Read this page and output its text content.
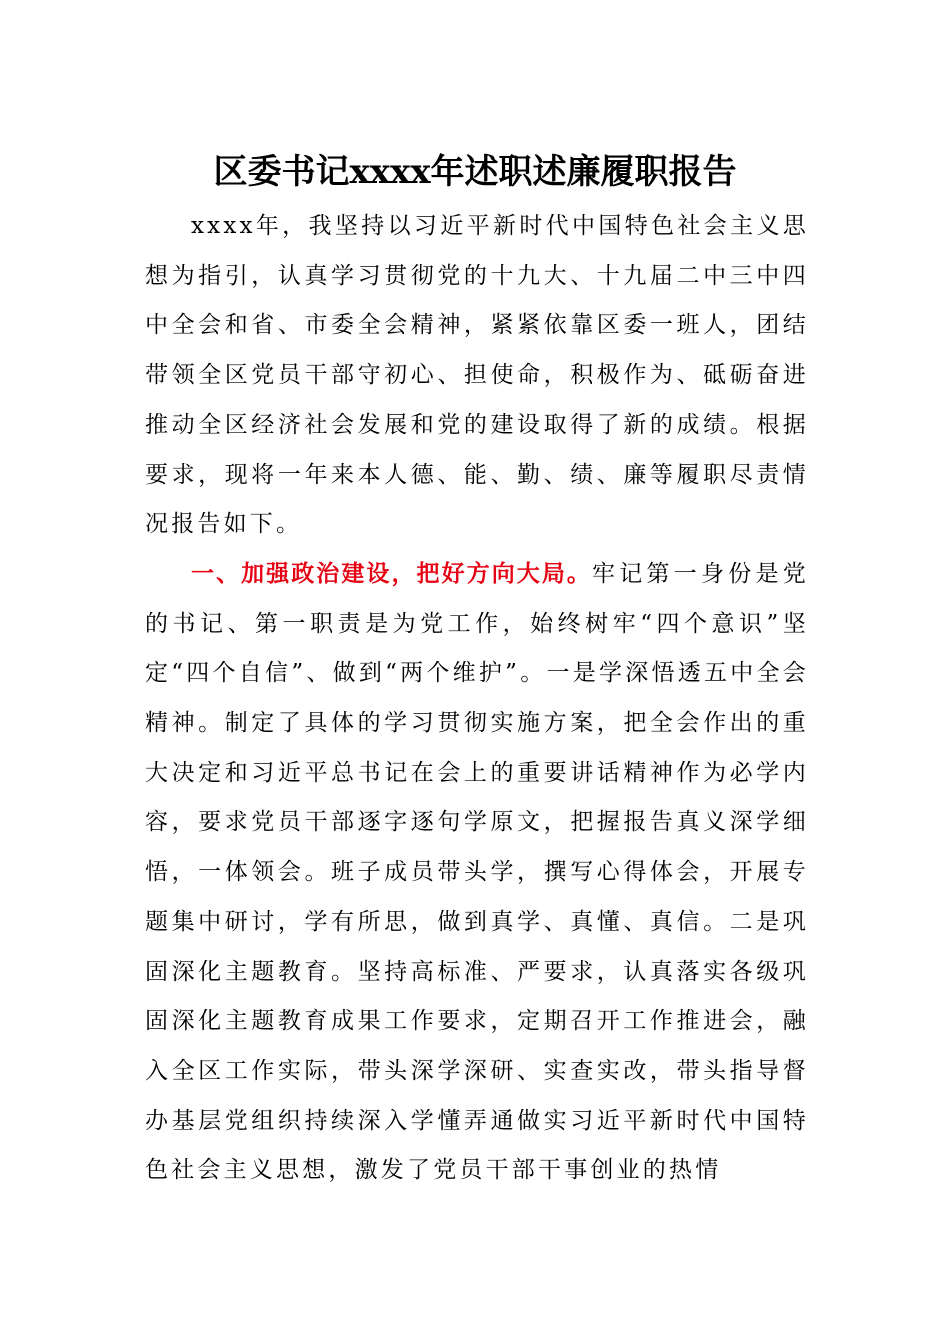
区委书记xxxx年述职述廉履职报告

xxxx年，我坚持以习近平新时代中国特色社会主义思想为指引，认真学习贯彻党的十九大、十九届二中三中四中全会和省、市委全会精神，紧紧依靠区委一班人，团结带领全区党员干部守初心、担使命，积极作为、砥砺奋进推动全区经济社会发展和党的建设取得了新的成绩。根据要求，现将一年来本人德、能、勤、绩、廉等履职尽责情况报告如下。

一、加强政治建设，把好方向大局。牢记第一身份是党的书记、第一职责是为党工作，始终树牢“四个意识”坚定“四个自信”、做到“两个维护”。一是学深悟透五中全会精神。制定了具体的学习贯彻实施方案，把全会作出的重大决定和习近平总书记在会上的重要讲话精神作为必学内容，要求党员干部逐字逐句学原文，把握报告真义深学细悟，一体领会。班子成员带头学，撰写心得体会，开展专题集中研讨，学有所思，做到真学、真懂、真信。二是巩固深化主题教育。坚持高标准、严要求，认真落实各级巩固深化主题教育成果工作要求，定期召开工作推进会，融入全区工作实际，带头深学深研、实查实改，带头指导督办基层党组织持续深入学懂弄通做实习近平新时代中国特色社会主义思想，激发了党员干部干事创业的热情
